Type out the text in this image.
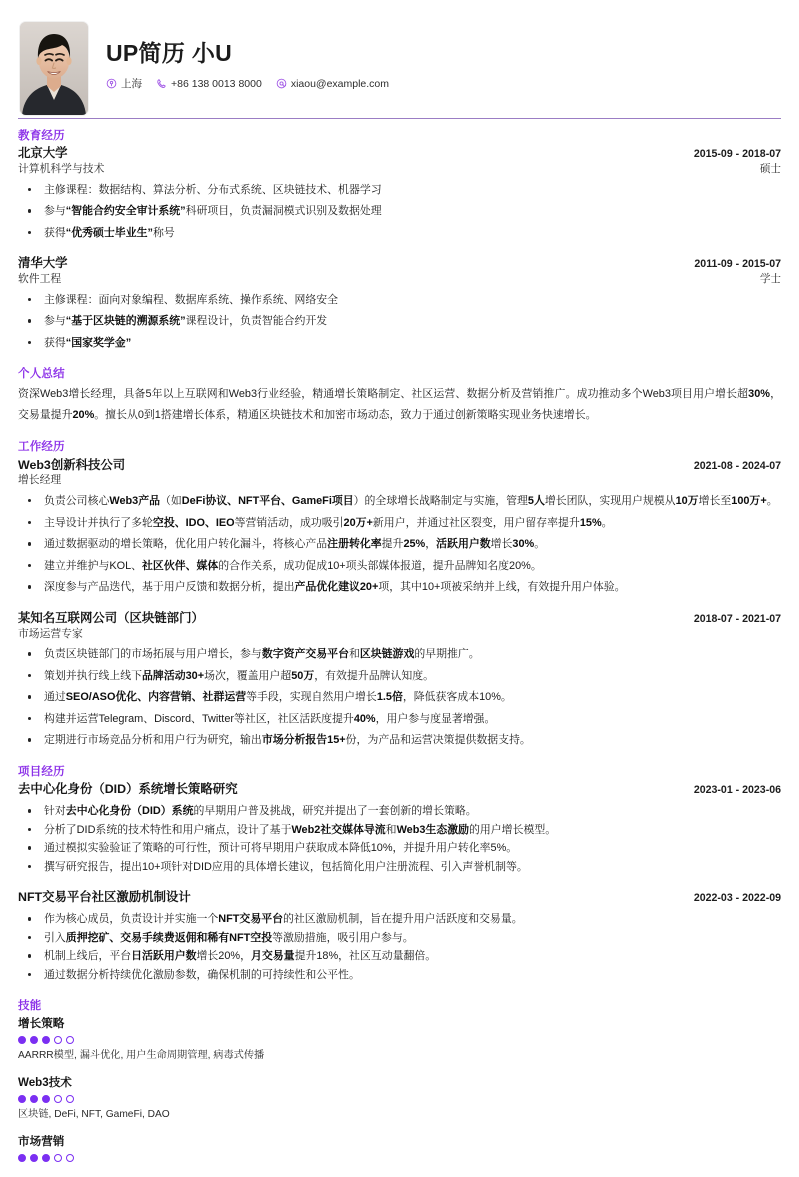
UP简历 小U
上海	+86 138 0013 8000	xiaou@example.com
教育经历
北京大学	2015-09 - 2018-07
计算机科学与技术	硕士
主修课程：数据结构、算法分析、分布式系统、区块链技术、机器学习
参与“智能合约安全审计系统”科研项目，负责漏洞模式识别及数据处理
获得“优秀硕士毕业生”称号
清华大学	2011-09 - 2015-07
软件工程	学士
主修课程：面向对象编程、数据库系统、操作系统、网络安全
参与“基于区块链的溯源系统”课程设计，负责智能合约开发
获得“国家奖学金”
个人总结
资深Web3增长经理，具备5年以上互联网和Web3行业经验，精通增长策略制定、社区运营、数据分析及营销推广。成功推动多个Web3项目用户增长超30%，交易量提升20%。擅长从0到1搭建增长体系，精通区块链技术和加密市场动态，致力于通过创新策略实现业务快速增长。
工作经历
Web3创新科技公司	2021-08 - 2024-07
增长经理
负责公司核心Web3产品（如DeFi协议、NFT平台、GameFi项目）的全球增长战略制定与实施，管理5人增长团队，实现用户规模从10万增长至100万+。
主导设计并执行了多轮空投、IDO、IEO等营销活动，成功吸引20万+新用户，并通过社区裂变，用户留存率提升15%。
通过数据驱动的增长策略，优化用户转化漏斗，将核心产品注册转化率提升25%，活跃用户数增长30%。
建立并维护与KOL、社区伙伴、媒体的合作关系，成功促成10+项头部媒体报道，提升品牌知名度20%。
深度参与产品迭代，基于用户反馈和数据分析，提出产品优化建议20+项，其中10+项被采纳并上线，有效提升用户体验。
某知名互联网公司（区块链部门）	2018-07 - 2021-07
市场运营专家
负责区块链部门的市场拓展与用户增长，参与数字资产交易平台和区块链游戏的早期推广。
策划并执行线上线下品牌活动30+场次，覆盖用户超50万，有效提升品牌认知度。
通过SEO/ASO优化、内容营销、社群运营等手段，实现自然用户增长1.5倍，降低获客成本10%。
构建并运营Telegram、Discord、Twitter等社区，社区活跃度提升40%，用户参与度显著增强。
定期进行市场竞品分析和用户行为研究，输出市场分析报告15+份，为产品和运营决策提供数据支持。
项目经历
去中心化身份（DID）系统增长策略研究	2023-01 - 2023-06
针对去中心化身份（DID）系统的早期用户普及挑战，研究并提出了一套创新的增长策略。
分析了DID系统的技术特性和用户痛点，设计了基于Web2社交媒体导流和Web3生态激励的用户增长模型。
通过模拟实验验证了策略的可行性，预计可将早期用户获取成本降低10%，并提升用户转化率5%。
撰写研究报告，提出10+项针对DID应用的具体增长建议，包括简化用户注册流程、引入声誉机制等。
NFT交易平台社区激励机制设计	2022-03 - 2022-09
作为核心成员，负责设计并实施一个NFT交易平台的社区激励机制，旨在提升用户活跃度和交易量。
引入质押挖矿、交易手续费返佣和稀有NFT空投等激励措施，吸引用户参与。
机制上线后，平台日活跃用户数增长20%，月交易量提升18%，社区互动量翻倍。
通过数据分析持续优化激励参数，确保机制的可持续性和公平性。
技能
增长策略
AARRR模型, 漏斗优化, 用户生命周期管理, 病毒式传播
Web3技术
区块链, DeFi, NFT, GameFi, DAO
市场营销
